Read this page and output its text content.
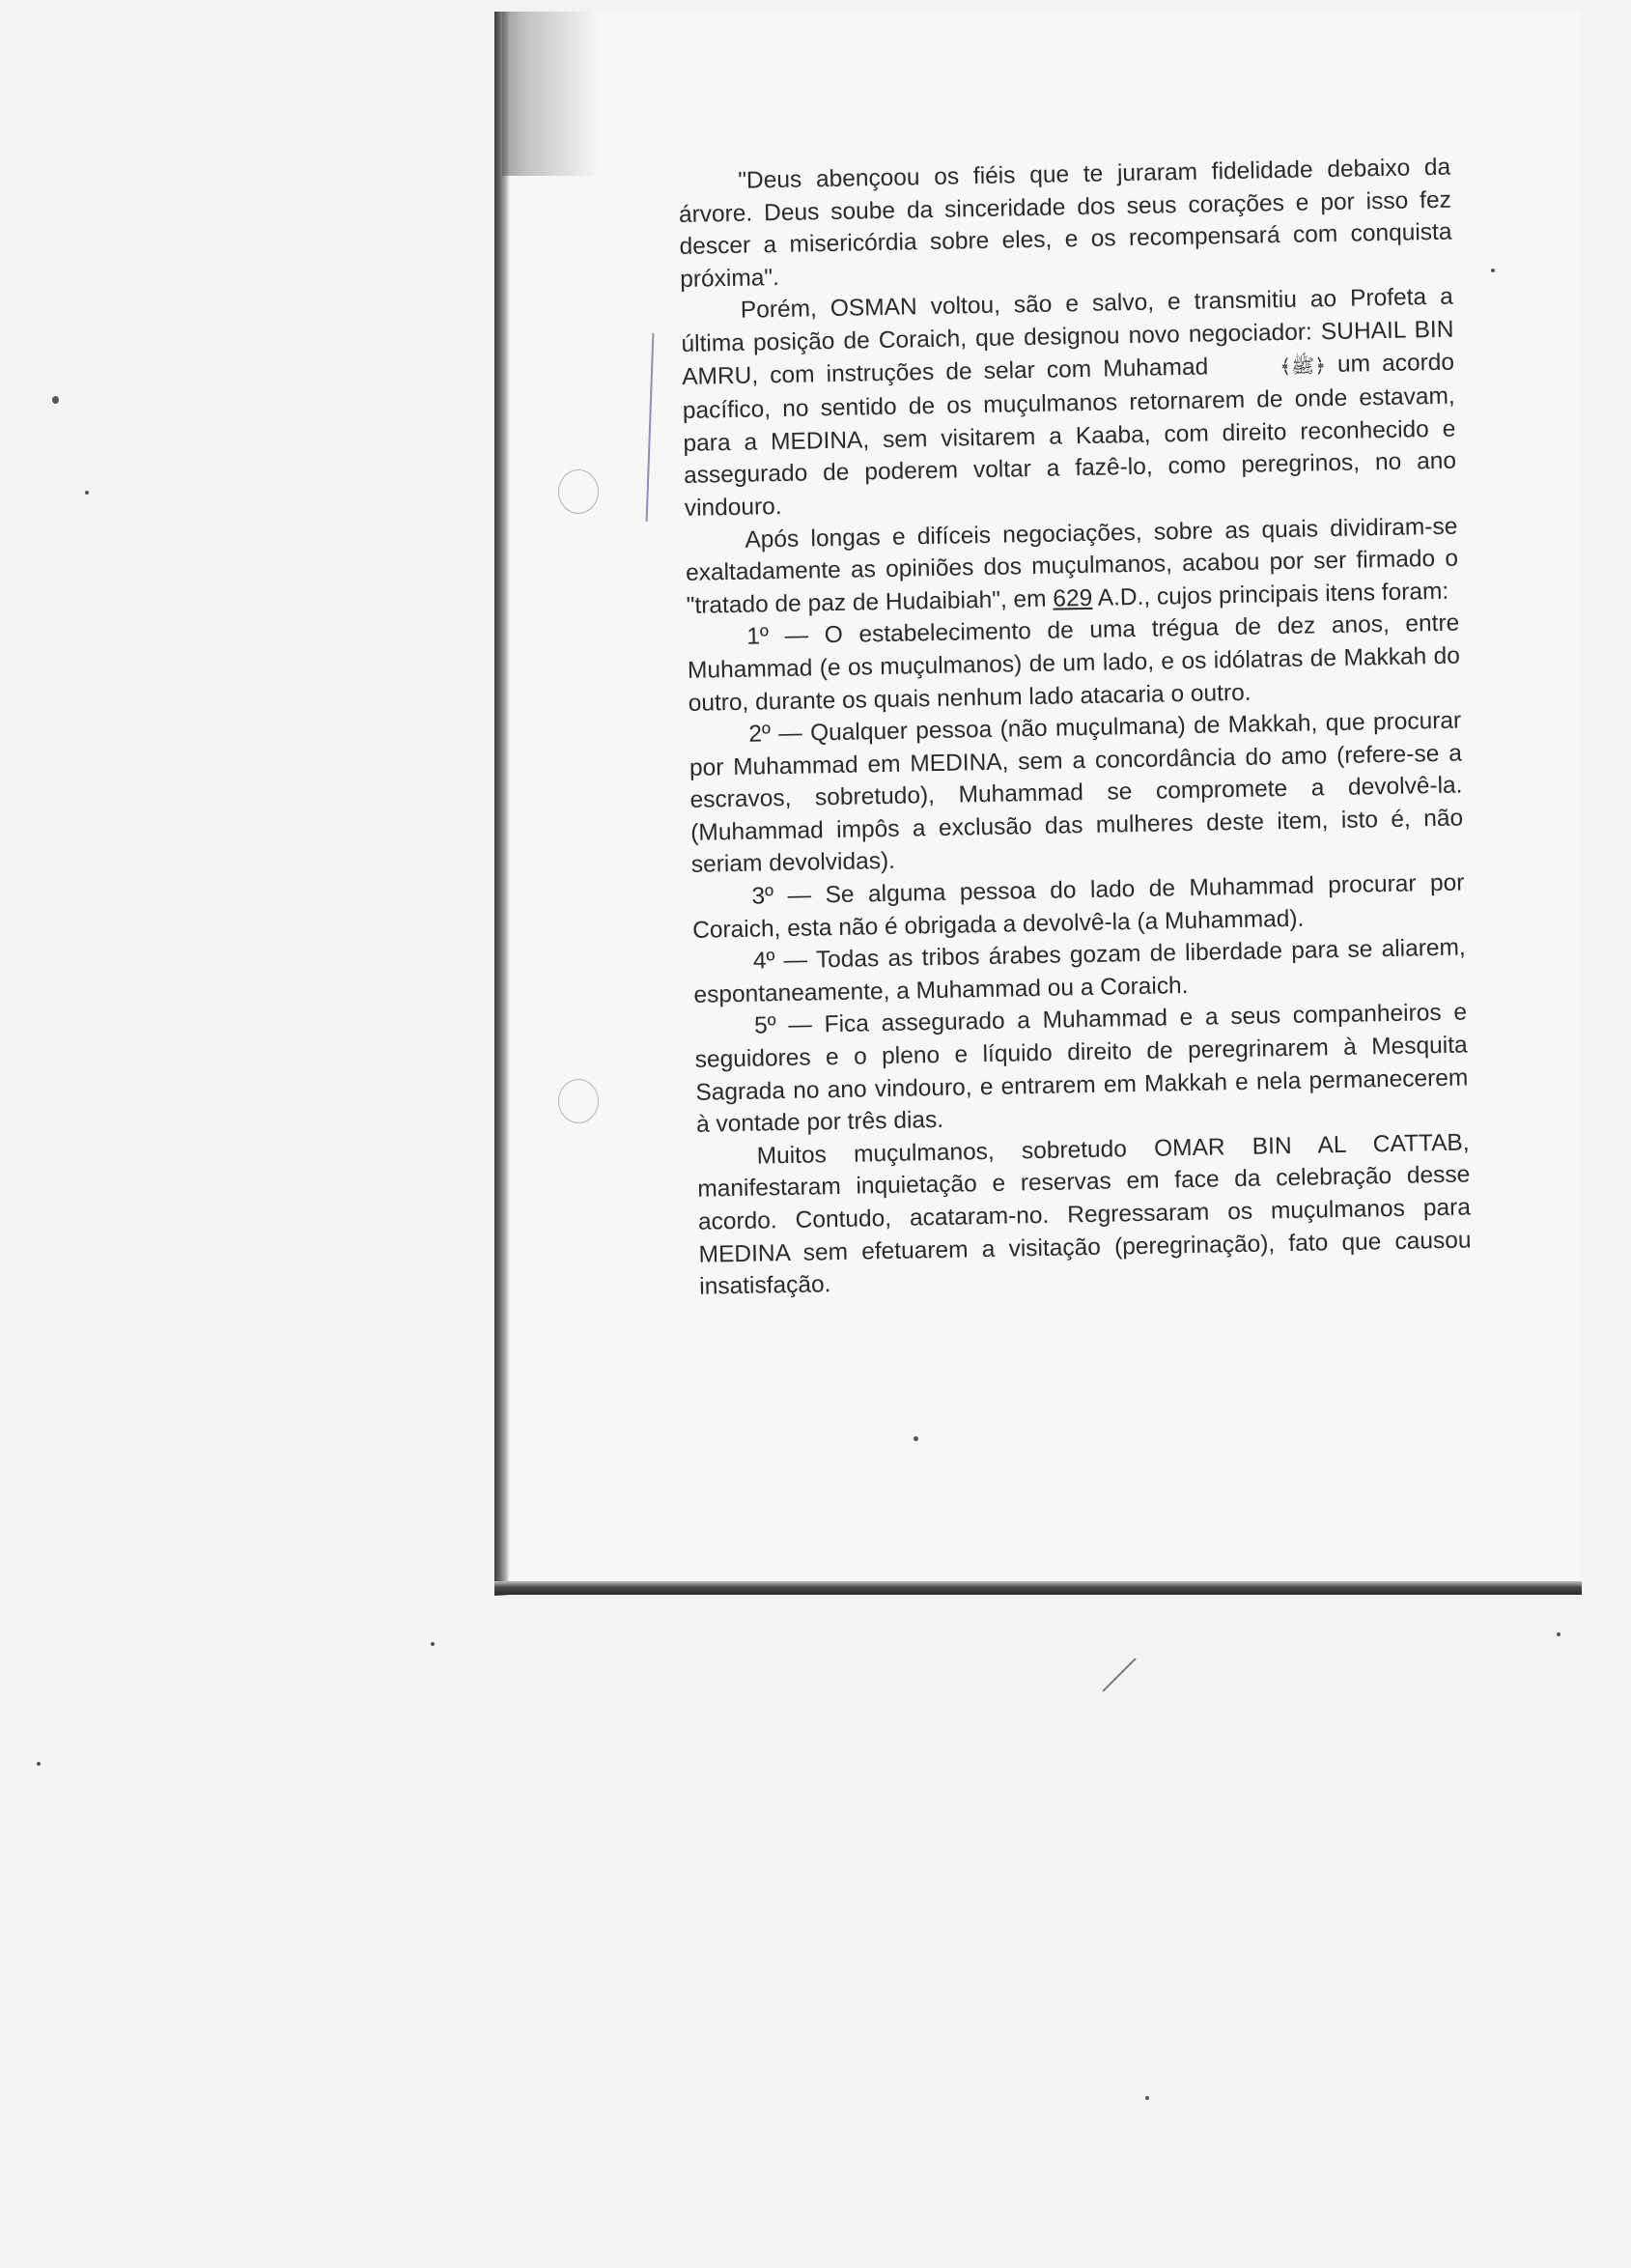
"Deus abençoou os fiéis que te juraram fidelidade debaixo da árvore. Deus soube da sinceridade dos seus corações e por isso fez descer a misericórdia sobre eles, e os recompensará com conquista próxima".

Porém, OSMAN voltou, são e salvo, e transmitiu ao Profeta a última posição de Coraich, que designou novo negociador: SUHAIL BIN AMRU, com instruções de selar com Muhamad	﴾ﷺ﴿ um acordo pacífico, no sentido de os muçulmanos retornarem de onde estavam, para a MEDINA, sem visitarem a Kaaba, com direito reconhecido e assegurado de poderem voltar a fazê-lo, como peregrinos, no ano vindouro.

Após longas e difíceis negociações, sobre as quais dividiram-se exaltadamente as opiniões dos muçulmanos, acabou por ser firmado o "tratado de paz de Hudaibiah", em 629 A.D., cujos principais itens foram:

1º — O estabelecimento de uma trégua de dez anos, entre Muhammad (e os muçulmanos) de um lado, e os idólatras de Makkah do outro, durante os quais nenhum lado atacaria o outro.

2º — Qualquer pessoa (não muçulmana) de Makkah, que procurar por Muhammad em MEDINA, sem a concordância do amo (refere-se a escravos, sobretudo), Muhammad se compromete a devolvê-la. (Muhammad impôs a exclusão das mulheres deste item, isto é, não seriam devolvidas).

3º — Se alguma pessoa do lado de Muhammad procurar por Coraich, esta não é obrigada a devolvê-la (a Muhammad).

4º — Todas as tribos árabes gozam de liberdade para se aliarem, espontaneamente, a Muhammad ou a Coraich.

5º — Fica assegurado a Muhammad e a seus companheiros e seguidores e o pleno e líquido direito de peregrinarem à Mesquita Sagrada no ano vindouro, e entrarem em Makkah e nela permanecerem à vontade por três dias.

Muitos muçulmanos, sobretudo OMAR BIN AL CATTAB, manifestaram inquietação e reservas em face da celebração desse acordo. Contudo, acataram-no. Regressaram os muçulmanos para MEDINA sem efetuarem a visitação (peregrinação), fato que causou insatisfação.
